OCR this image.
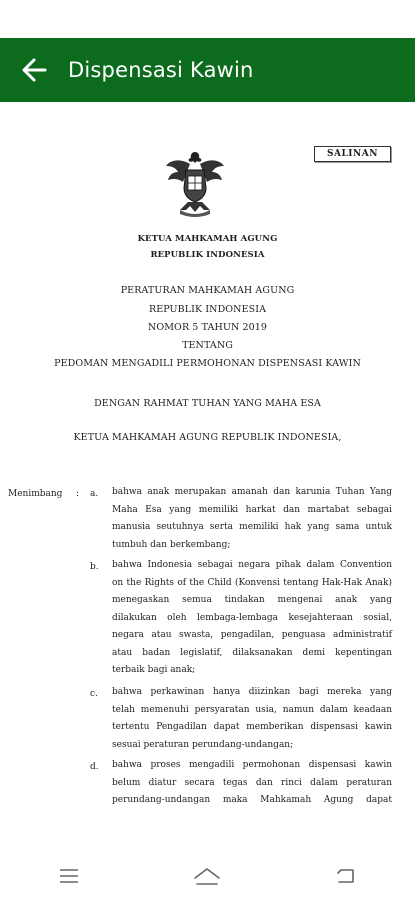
Dispensasi Kawin
SALINAN
KETUA MAHKAMAH AGUNG
REPUBLIK INDONESIA
PERATURAN MAHKAMAH AGUNG
REPUBLIK INDONESIA
NOMOR 5 TAHUN 2019
TENTANG
PEDOMAN MENGADILI PERMOHONAN DISPENSASI KAWIN
DENGAN RAHMAT TUHAN YANG MAHA ESA
KETUA MAHKAMAH AGUNG REPUBLIK INDONESIA,
Menimbang : a. bahwa anak merupakan amanah dan karunia Tuhan Yang

Maha Esa yang memiliki harkat dan martabat sebagai

manusia seutuhnya serta memiliki hak yang sama untuk

tumbuh dan berkembang;

b. bahwa Indonesia sebagai negara pihak dalam Convention

on the Rights of the Child (Konvensi tentang Hak-Hak Anak)

menegaskan semua tindakan mengenai anak yang

dilakukan oleh lembaga-lembaga kesejahteraan sosial,

negara atau swasta, pengadilan, penguasa administratif

atau badan legislatif, dilaksanakan demi kepentingan

terbaik bagi anak;

c. bahwa perkawinan hanya diizinkan bagi mereka yang

telah memenuhi persyaratan usia, namun dalam keadaan

tertentu Pengadilan dapat memberikan dispensasi kawin

sesuai peraturan perundang-undangan;

d. bahwa proses mengadili permohonan dispensasi kawin

belum diatur secara tegas dan rinci dalam peraturan

perundang-undangan maka Mahkamah Agung dapat
